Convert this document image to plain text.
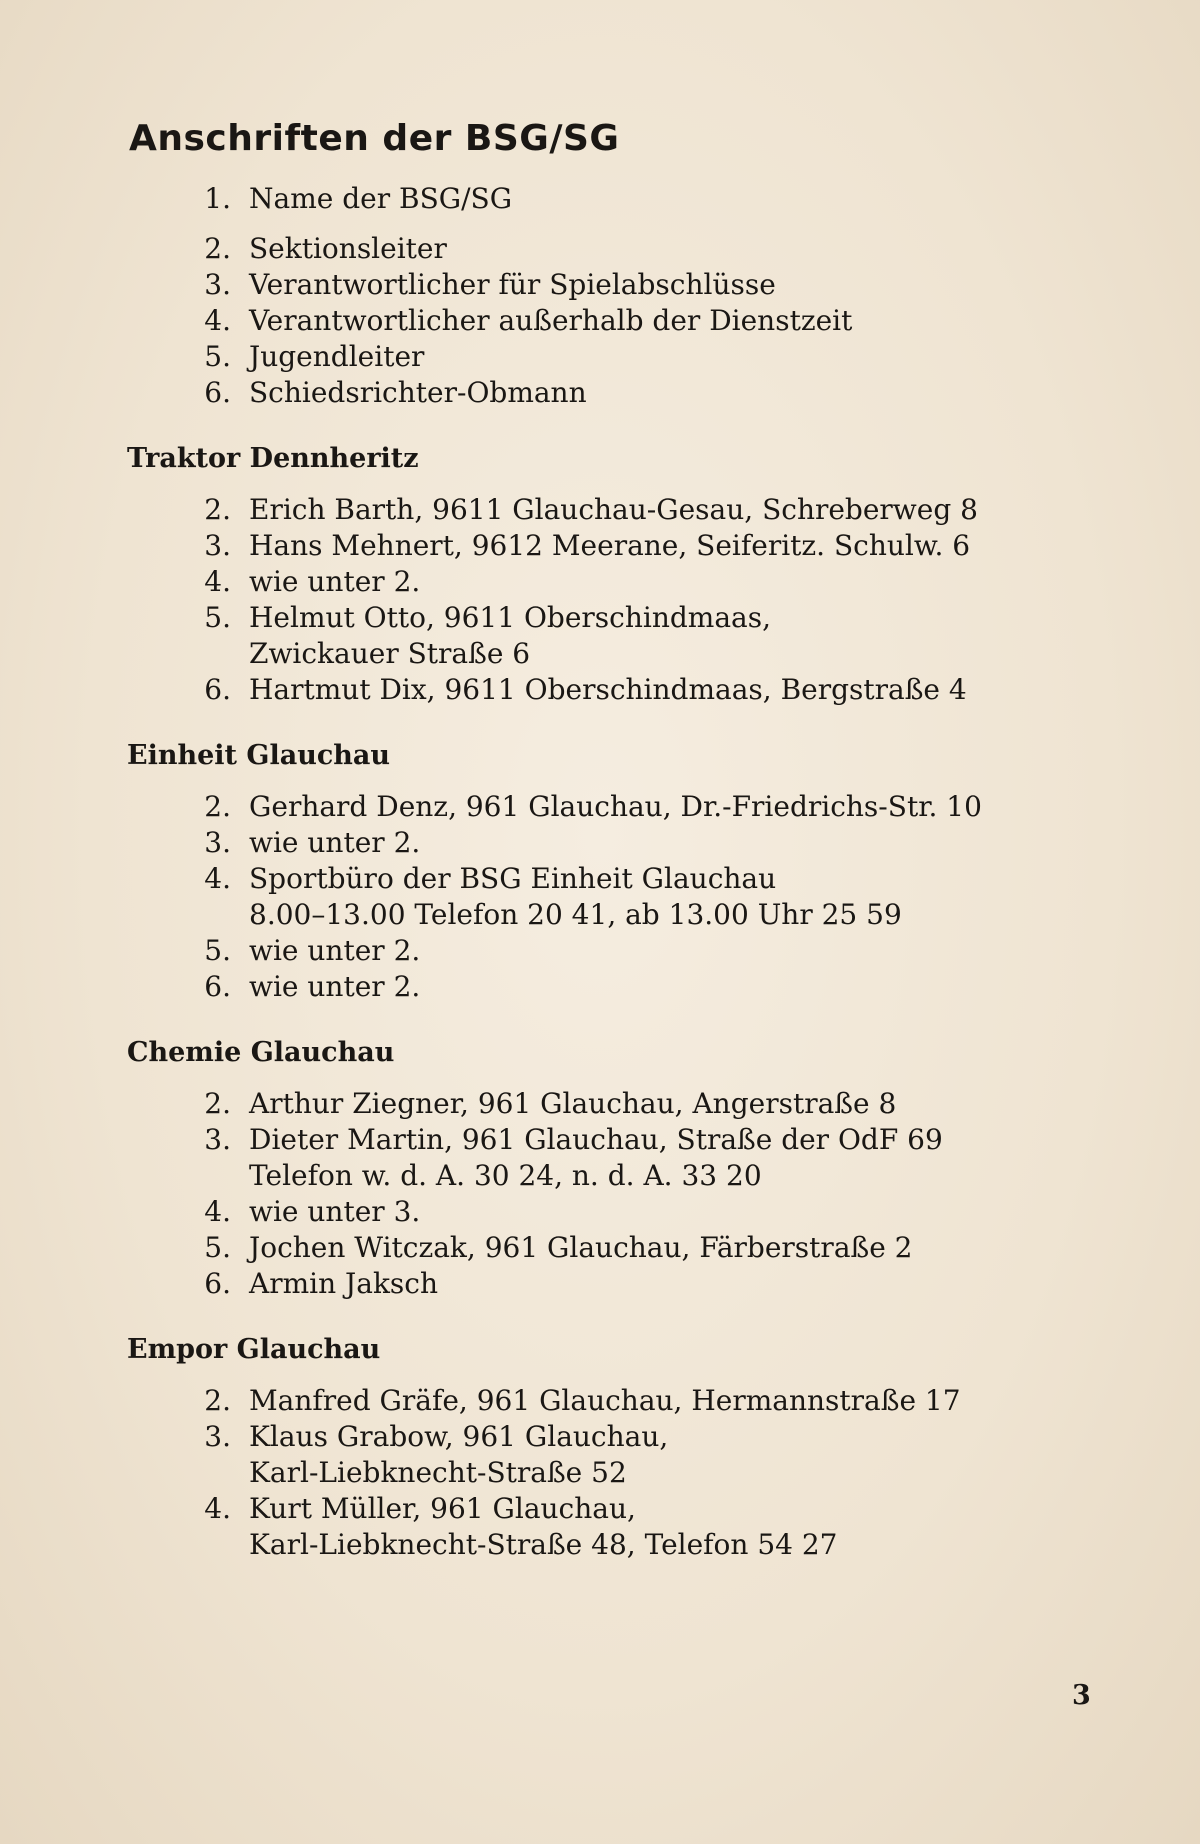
Anschriften der BSG/SG
1. Name der BSG/SG
2. Sektionsleiter
3. Verantwortlicher für Spielabschlüsse
4. Verantwortlicher außerhalb der Dienstzeit
5. Jugendleiter
6. Schiedsrichter-Obmann
Traktor Dennheritz
2. Erich Barth, 9611 Glauchau-Gesau, Schreberweg 8
3. Hans Mehnert, 9612 Meerane, Seiferitz. Schulw. 6
4. wie unter 2.
5. Helmut Otto, 9611 Oberschindmaas,
Zwickauer Straße 6
6. Hartmut Dix, 9611 Oberschindmaas, Bergstraße 4
Einheit Glauchau
2. Gerhard Denz, 961 Glauchau, Dr.-Friedrichs-Str. 10
3. wie unter 2.
4. Sportbüro der BSG Einheit Glauchau
8.00–13.00 Telefon 20 41, ab 13.00 Uhr 25 59
5. wie unter 2.
6. wie unter 2.
Chemie Glauchau
2. Arthur Ziegner, 961 Glauchau, Angerstraße 8
3. Dieter Martin, 961 Glauchau, Straße der OdF 69
Telefon w. d. A. 30 24, n. d. A. 33 20
4. wie unter 3.
5. Jochen Witczak, 961 Glauchau, Färberstraße 2
6. Armin Jaksch
Empor Glauchau
2. Manfred Gräfe, 961 Glauchau, Hermannstraße 17
3. Klaus Grabow, 961 Glauchau,
Karl-Liebknecht-Straße 52
4. Kurt Müller, 961 Glauchau,
Karl-Liebknecht-Straße 48, Telefon 54 27
3
